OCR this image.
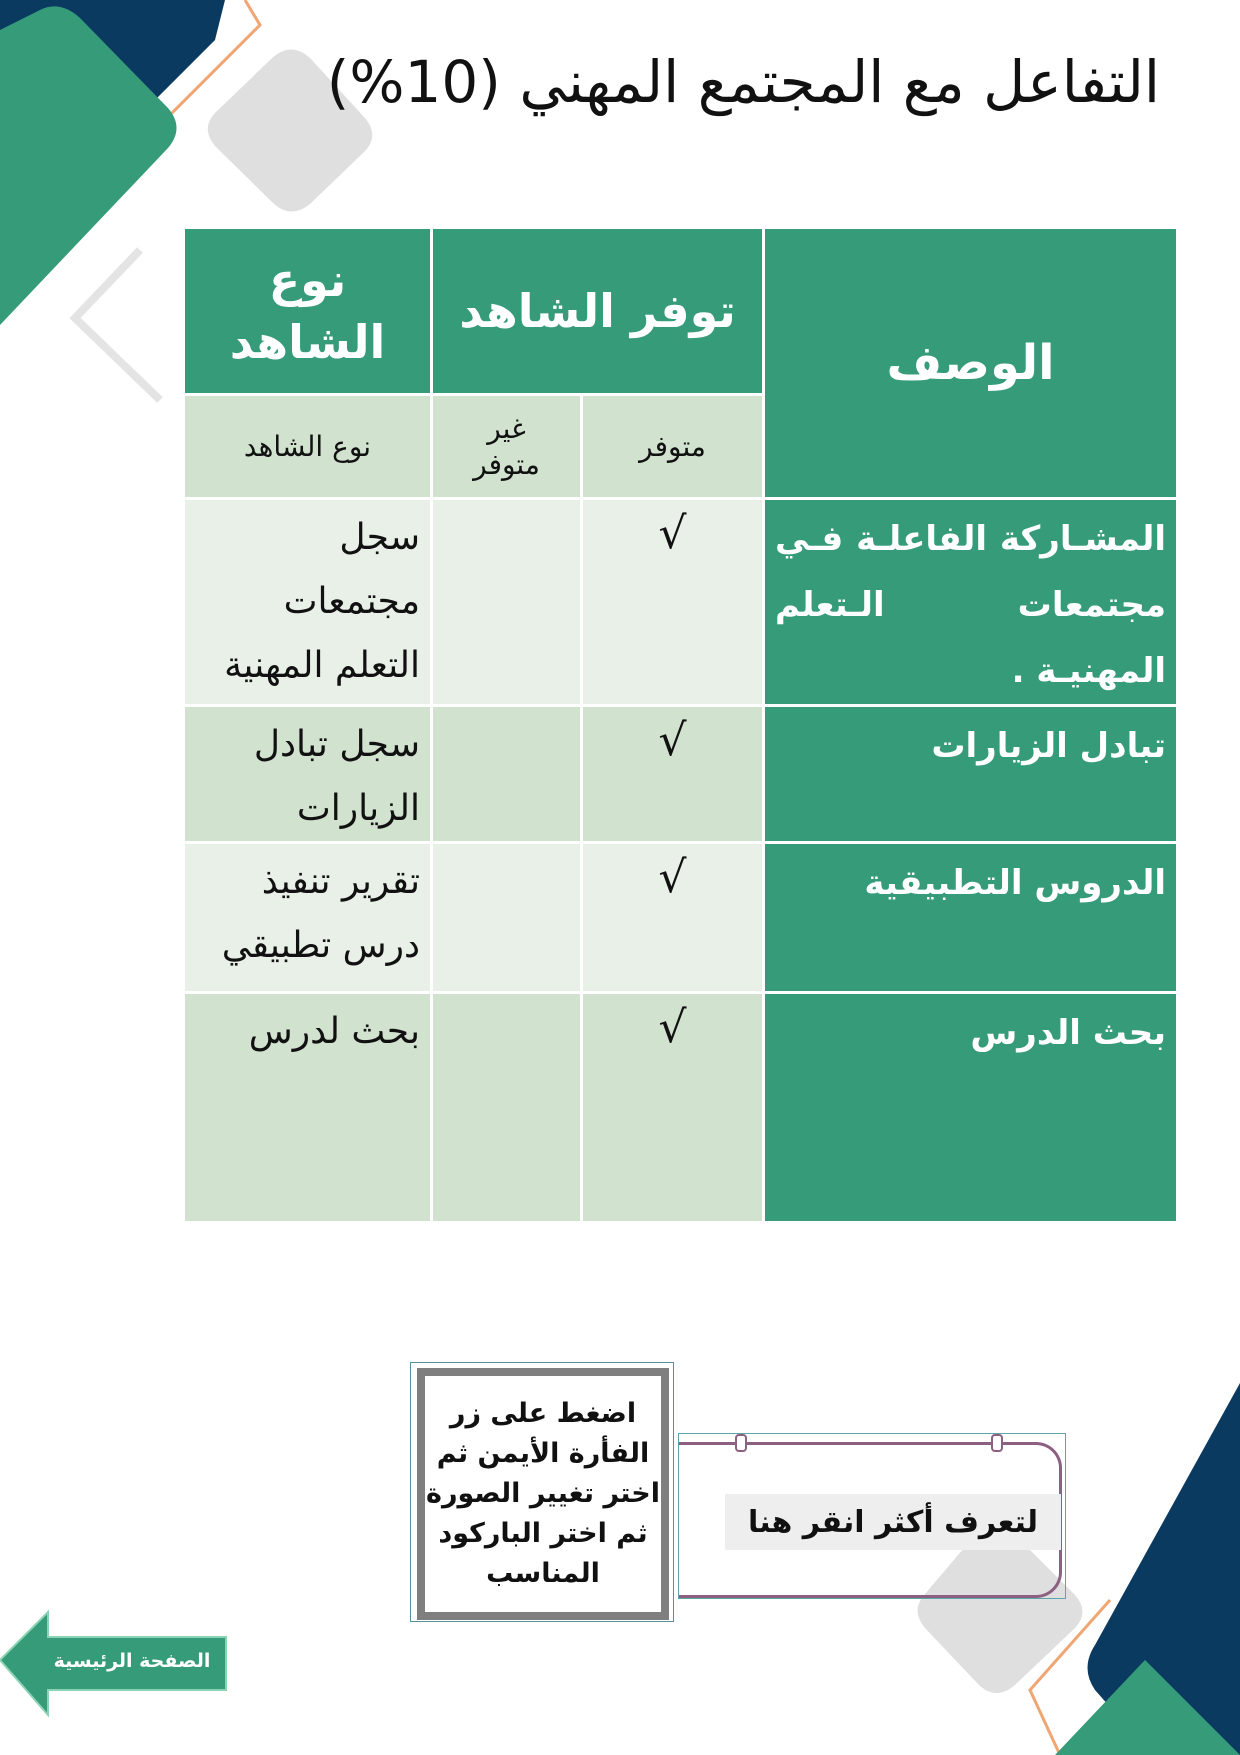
التفاعل مع المجتمع المهني (10%)
الوصف	توفر الشاهد		نوع الشاهد
	متوفر	غير متوفر	نوع الشاهد
المشـاركة الفاعلـة فـي مجتمعات الـتعلم المهنيـة .	√		سجل مجتمعات التعلم المهنية
تبادل الزيارات	√		سجل تبادل الزيارات
الدروس التطبيقية	√		تقرير تنفيذ درس تطبيقي
بحث الدرس	√		بحث لدرس
اضغط على زر الفأرة الأيمن ثم اختر تغيير الصورة ثم اختر الباركود المناسب
لتعرف أكثر انقر هنا
الصفحة الرئيسية
